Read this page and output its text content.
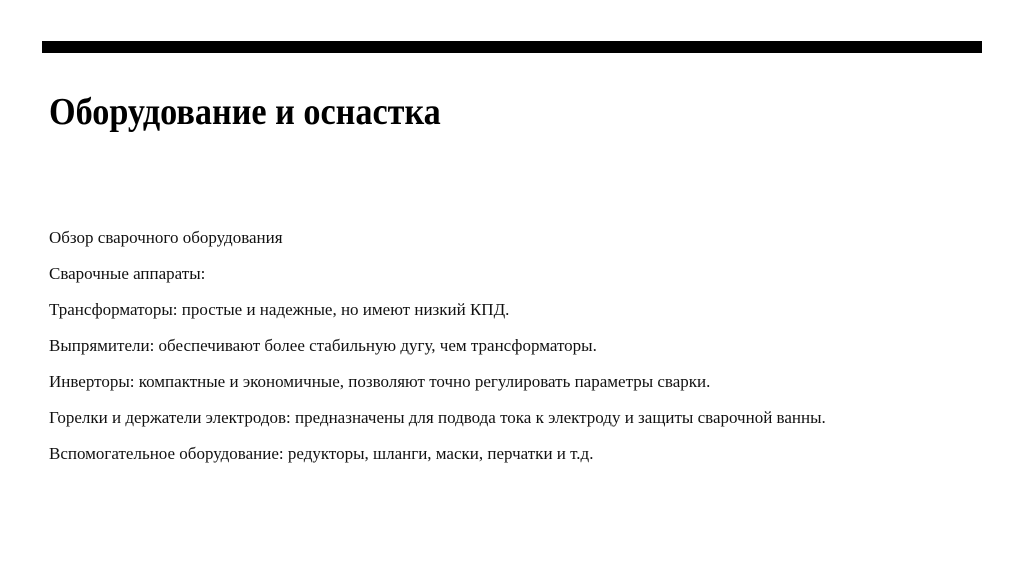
Оборудование и оснастка
Обзор сварочного оборудования
Сварочные аппараты:
Трансформаторы: простые и надежные, но имеют низкий КПД.
Выпрямители: обеспечивают более стабильную дугу, чем трансформаторы.
Инверторы: компактные и экономичные, позволяют точно регулировать параметры сварки.
Горелки и держатели электродов: предназначены для подвода тока к электроду и защиты сварочной ванны.
Вспомогательное оборудование: редукторы, шланги, маски, перчатки и т.д.
